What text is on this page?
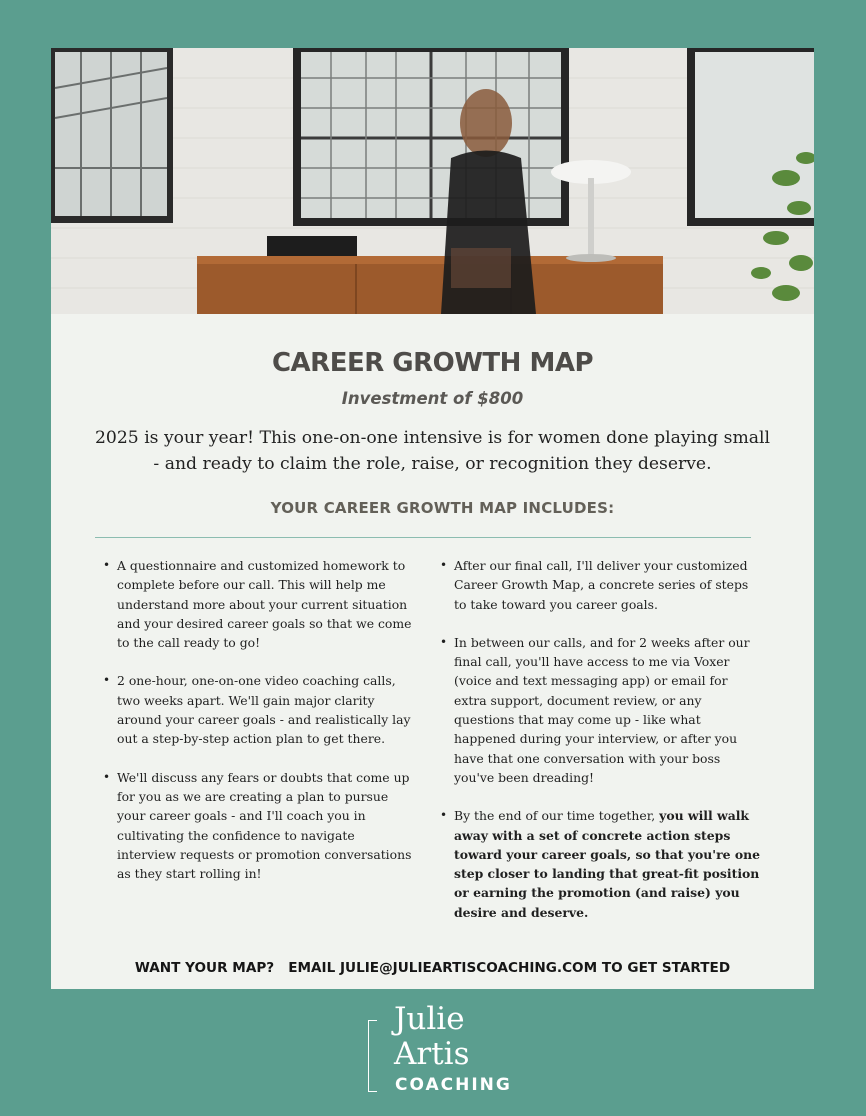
CAREER GROWTH MAP
Investment of $800
2025 is your year! This one-on-one intensive is for women done playing small - and ready to claim the role, raise, or recognition they deserve.
YOUR CAREER GROWTH MAP INCLUDES:
• A questionnaire and customized homework to complete before our call. This will help me understand more about your current situation and your desired career goals so that we come to the call ready to go!
• 2 one-hour, one-on-one video coaching calls, two weeks apart. We'll gain major clarity around your career goals - and realistically lay out a step-by-step action plan to get there.
• We'll discuss any fears or doubts that come up for you as we are creating a plan to pursue your career goals - and I'll coach you in cultivating the confidence to navigate interview requests or promotion conversations as they start rolling in!
• After our final call, I'll deliver your customized Career Growth Map, a concrete series of steps to take toward you career goals.
• In between our calls, and for 2 weeks after our final call, you'll have access to me via Voxer (voice and text messaging app) or email for extra support, document review, or any questions that may come up - like what happened during your interview, or after you have that one conversation with your boss you've been dreading!
• By the end of our time together, you will walk away with a set of concrete action steps toward your career goals, so that you're one step closer to landing that great-fit position or earning the promotion (and raise) you desire and deserve.
WANT YOUR MAP? EMAIL JULIE@JULIEARTISCOACHING.COM TO GET STARTED
Julie
Artis
COACHING
